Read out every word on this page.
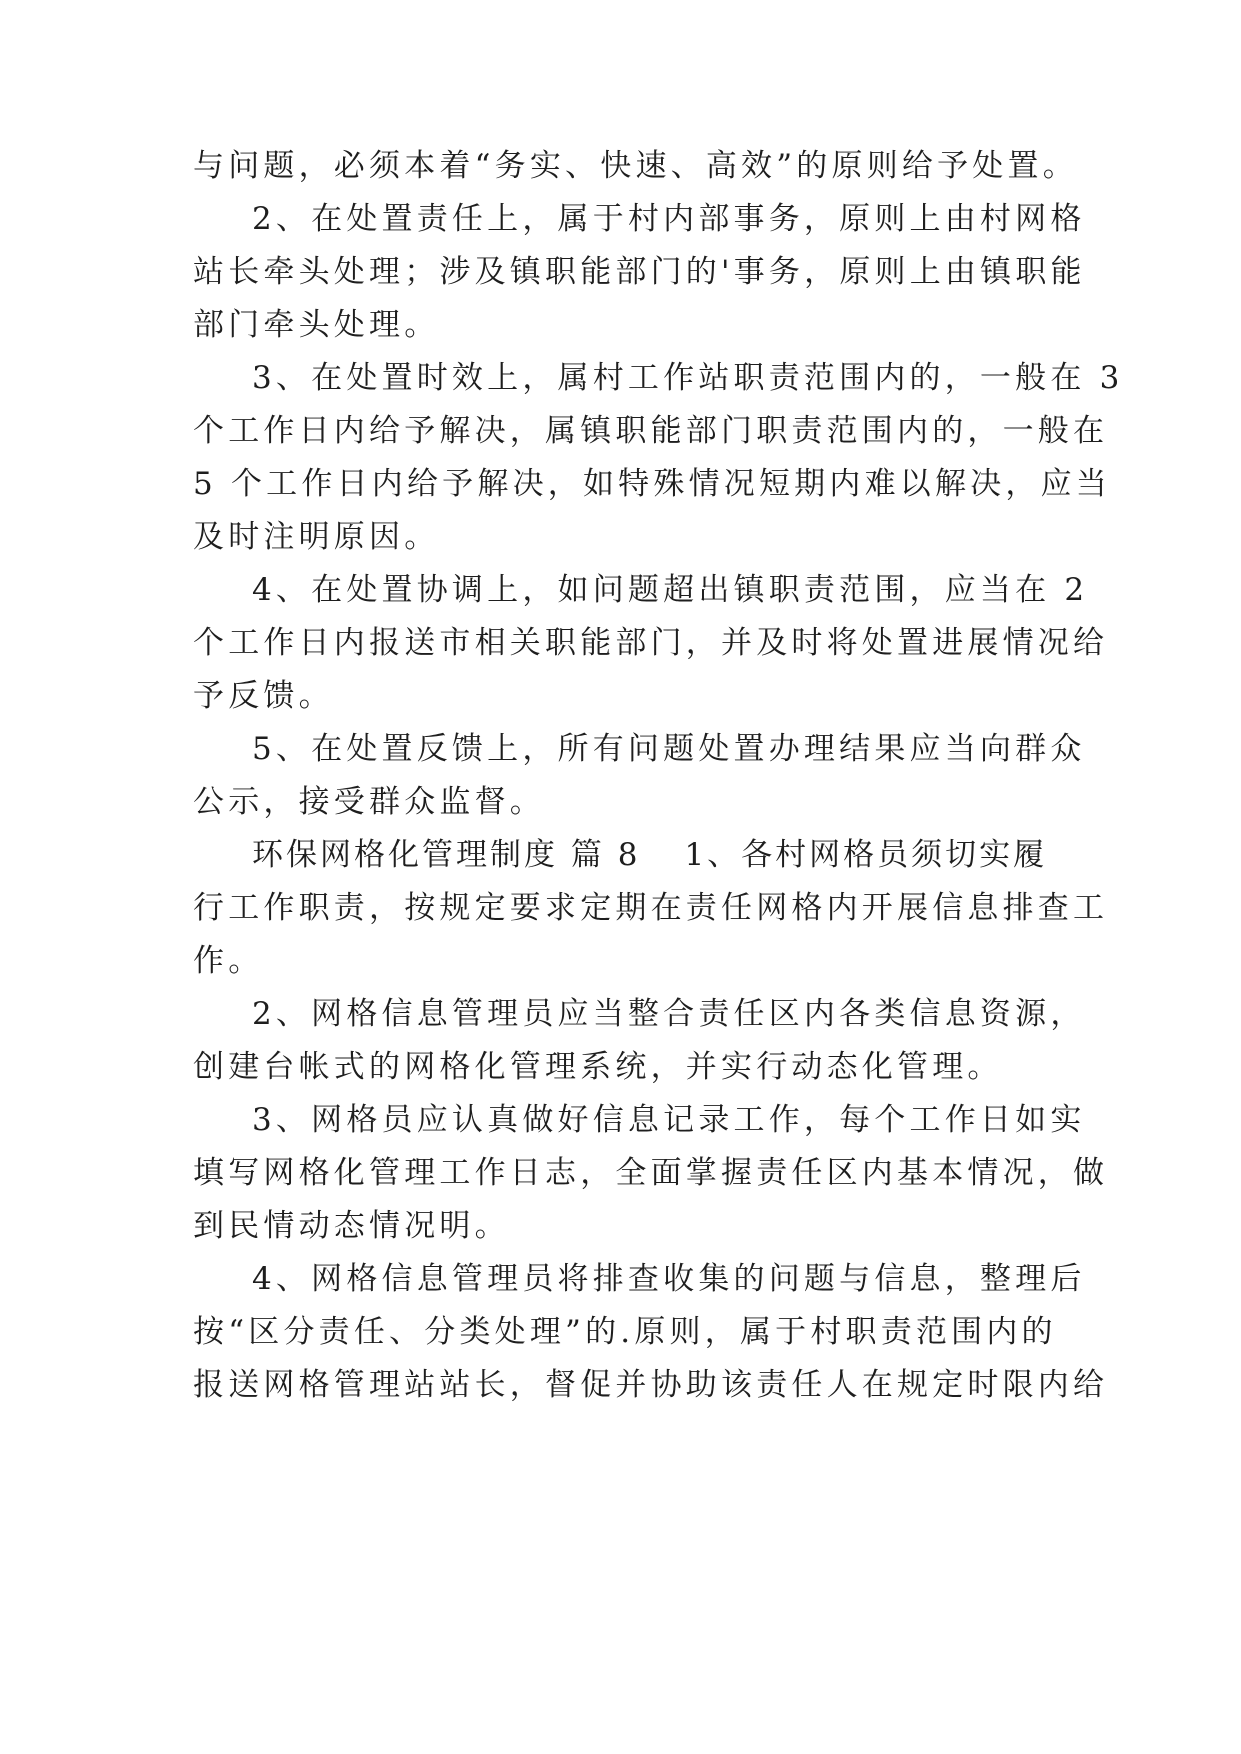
与问题，必须本着“务实、快速、高效”的原则给予处置。
2、在处置责任上，属于村内部事务，原则上由村网格
站长牵头处理；涉及镇职能部门的'事务，原则上由镇职能
部门牵头处理。
3、在处置时效上，属村工作站职责范围内的，一般在 3
个工作日内给予解决，属镇职能部门职责范围内的，一般在
5 个工作日内给予解决，如特殊情况短期内难以解决，应当
及时注明原因。
4、在处置协调上，如问题超出镇职责范围，应当在 2
个工作日内报送市相关职能部门，并及时将处置进展情况给
予反馈。
5、在处置反馈上，所有问题处置办理结果应当向群众
公示，接受群众监督。
环保网格化管理制度 篇 8 1、各村网格员须切实履
行工作职责，按规定要求定期在责任网格内开展信息排查工
作。
2、网格信息管理员应当整合责任区内各类信息资源，
创建台帐式的网格化管理系统，并实行动态化管理。
3、网格员应认真做好信息记录工作，每个工作日如实
填写网格化管理工作日志，全面掌握责任区内基本情况，做
到民情动态情况明。
4、网格信息管理员将排查收集的问题与信息，整理后
按“区分责任、分类处理”的.原则，属于村职责范围内的
报送网格管理站站长，督促并协助该责任人在规定时限内给
